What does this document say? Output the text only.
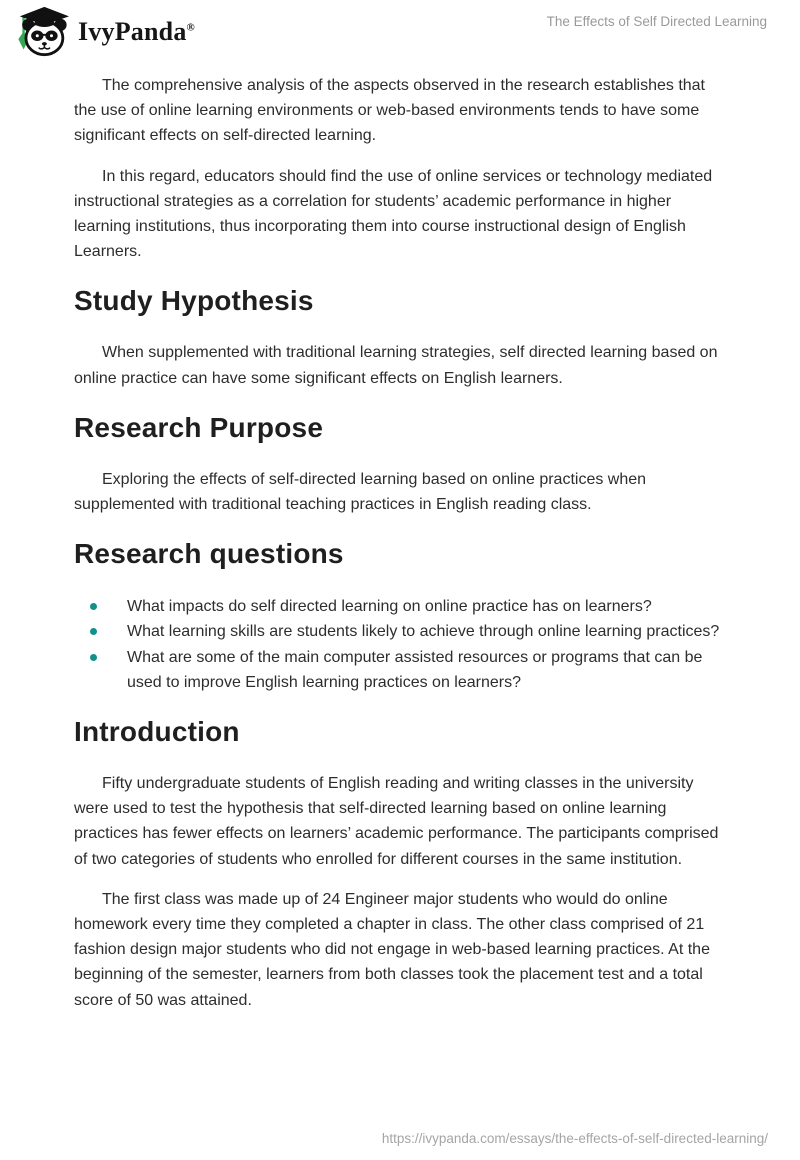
IvyPanda®	The Effects of Self Directed Learning

The comprehensive analysis of the aspects observed in the research establishes that the use of online learning environments or web-based environments tends to have some significant effects on self-directed learning.

In this regard, educators should find the use of online services or technology mediated instructional strategies as a correlation for students’ academic performance in higher learning institutions, thus incorporating them into course instructional design of English Learners.

Study Hypothesis

When supplemented with traditional learning strategies, self directed learning based on online practice can have some significant effects on English learners.

Research Purpose

Exploring the effects of self-directed learning based on online practices when supplemented with traditional teaching practices in English reading class.

Research questions
What impacts do self directed learning on online practice has on learners?
What learning skills are students likely to achieve through online learning practices?
What are some of the main computer assisted resources or programs that can be used to improve English learning practices on learners?
Introduction

Fifty undergraduate students of English reading and writing classes in the university were used to test the hypothesis that self-directed learning based on online learning practices has fewer effects on learners’ academic performance. The participants comprised of two categories of students who enrolled for different courses in the same institution.

The first class was made up of 24 Engineer major students who would do online homework every time they completed a chapter in class. The other class comprised of 21 fashion design major students who did not engage in web-based learning practices. At the beginning of the semester, learners from both classes took the placement test and a total score of 50 was attained.

https://ivypanda.com/essays/the-effects-of-self-directed-learning/
